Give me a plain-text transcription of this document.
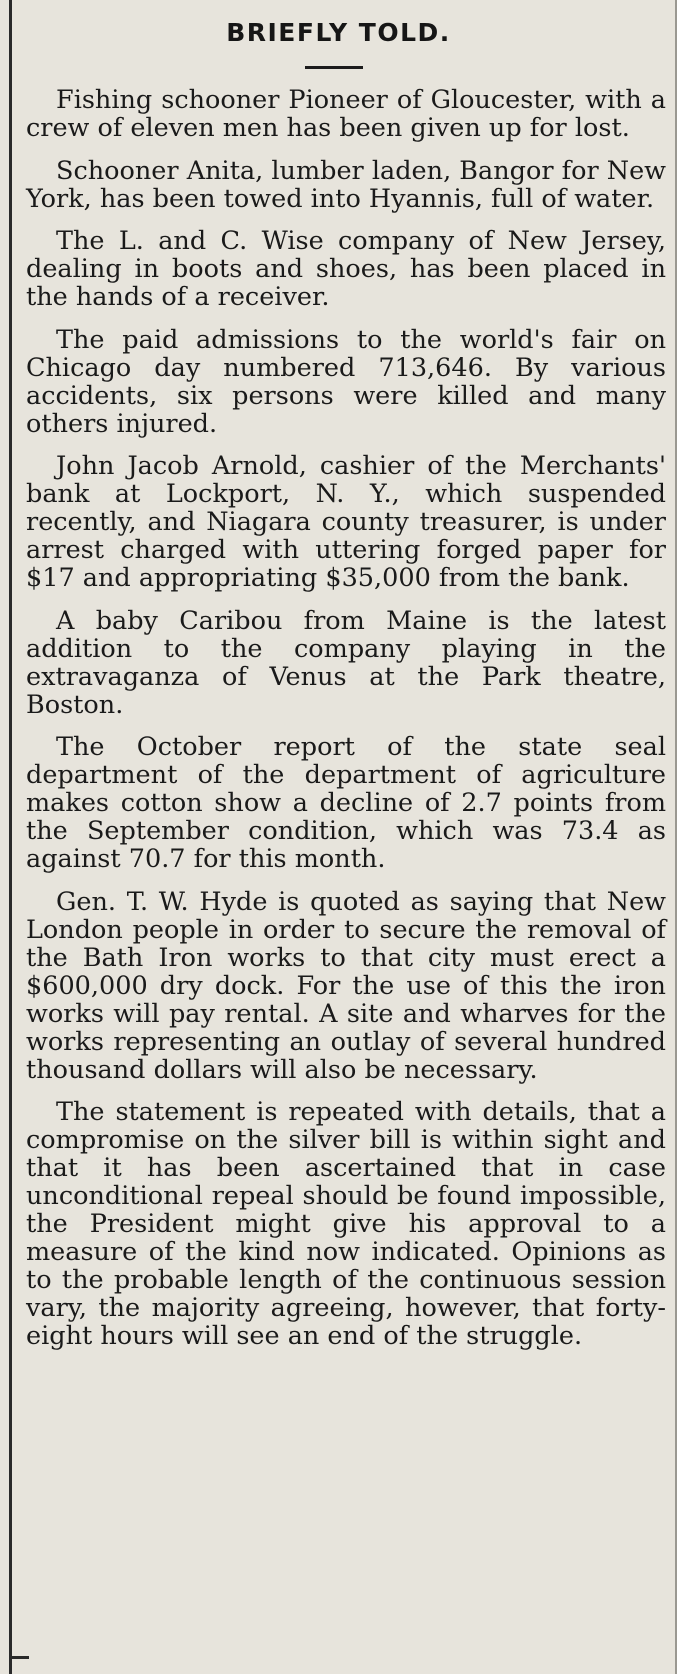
BRIEFLY TOLD.

Fishing schooner Pioneer of Gloucester, with a crew of eleven men has been given up for lost.

Schooner Anita, lumber laden, Bangor for New York, has been towed into Hyannis, full of water.

The L. and C. Wise company of New Jersey, dealing in boots and shoes, has been placed in the hands of a receiver.

The paid admissions to the world's fair on Chicago day numbered 713,646. By various accidents, six persons were killed and many others injured.

John Jacob Arnold, cashier of the Merchants' bank at Lockport, N. Y., which suspended recently, and Niagara county treasurer, is under arrest charged with uttering forged paper for $17 and appropriating $35,000 from the bank.

A baby Caribou from Maine is the latest addition to the company playing in the extravaganza of Venus at the Park theatre, Boston.

The October report of the state seal department of the department of agriculture makes cotton show a decline of 2.7 points from the September condition, which was 73.4 as against 70.7 for this month.

Gen. T. W. Hyde is quoted as saying that New London people in order to secure the removal of the Bath Iron works to that city must erect a $600,000 dry dock. For the use of this the iron works will pay rental. A site and wharves for the works representing an outlay of several hundred thousand dollars will also be necessary.

The statement is repeated with details, that a compromise on the silver bill is within sight and that it has been ascertained that in case unconditional repeal should be found impossible, the President might give his approval to a measure of the kind now indicated. Opinions as to the probable length of the continuous session vary, the majority agreeing, however, that forty-eight hours will see an end of the struggle.
